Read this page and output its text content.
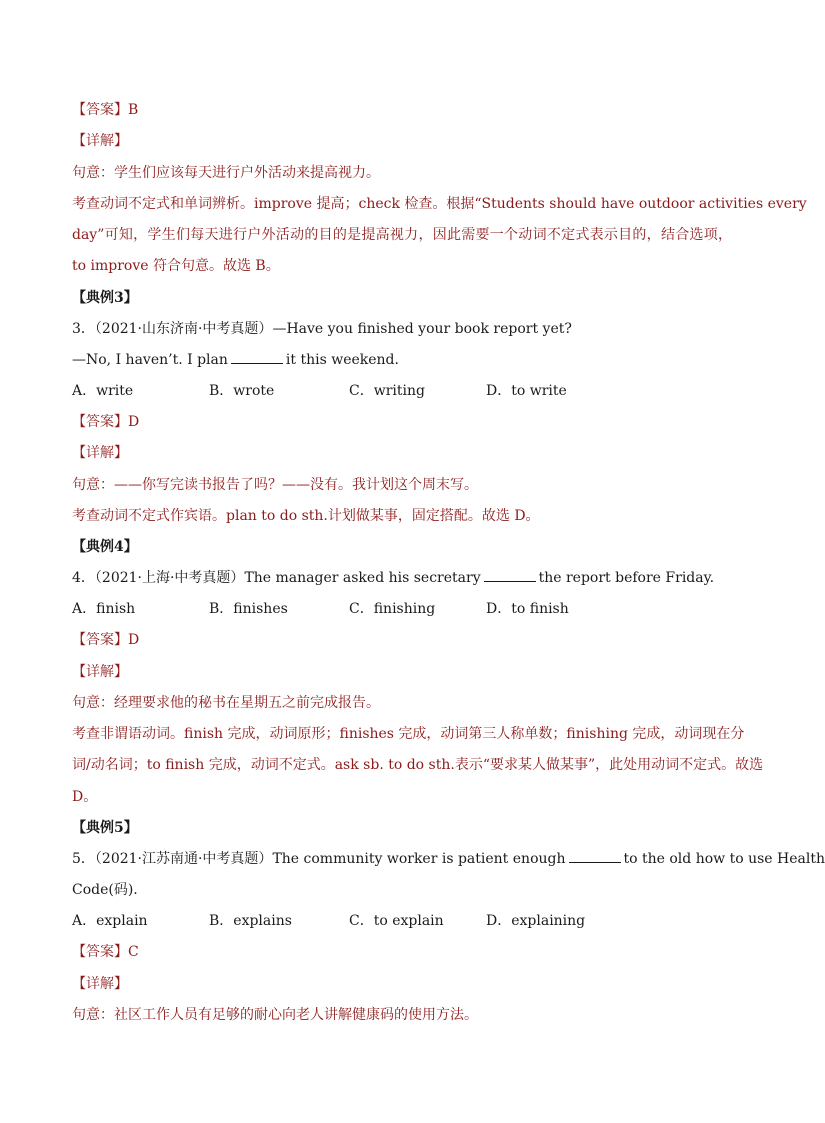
【答案】B
【详解】
句意：学生们应该每天进行户外活动来提高视力。
考查动词不定式和单词辨析。improve 提高；check 检查。根据“Students should have outdoor activities every
day”可知，学生们每天进行户外活动的目的是提高视力，因此需要一个动词不定式表示目的，结合选项，
to improve 符合句意。故选 B。
【典例3】
3．（2021·山东济南·中考真题）—Have you finished your book report yet?
—No, I haven’t. I plan	it this weekend.
A．write	B．wrote	C．writing	D．to write
【答案】D
【详解】
句意：——你写完读书报告了吗？——没有。我计划这个周末写。
考查动词不定式作宾语。plan to do sth.计划做某事，固定搭配。故选 D。
【典例4】
4．（2021·上海·中考真题）The manager asked his secretary	the report before Friday.
A．finish	B．finishes	C．finishing	D．to finish
【答案】D
【详解】
句意：经理要求他的秘书在星期五之前完成报告。
考查非谓语动词。finish 完成，动词原形；finishes 完成，动词第三人称单数；finishing 完成，动词现在分
词/动名词；to finish 完成，动词不定式。ask sb. to do sth.表示“要求某人做某事”，此处用动词不定式。故选
D。
【典例5】
5．（2021·江苏南通·中考真题）The community worker is patient enough	to the old how to use Health
Code(码).
A．explain	B．explains	C．to explain	D．explaining
【答案】C
【详解】
句意：社区工作人员有足够的耐心向老人讲解健康码的使用方法。
